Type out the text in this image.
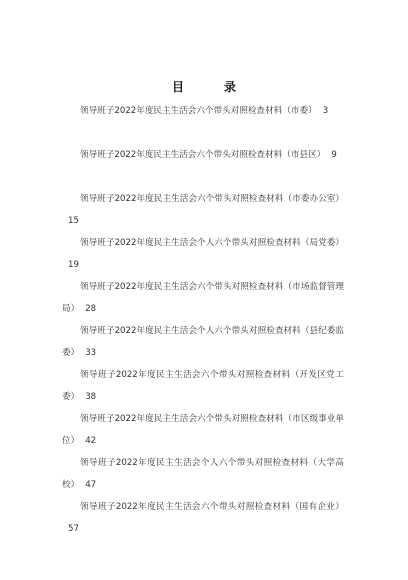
目　录
领导班子2022年度民主生活会六个带头对照检查材料（市委） 3
领导班子2022年度民主生活会六个带头对照检查材料（市县区） 9
领导班子2022年度民主生活会六个带头对照检查材料（市委办公室）15
领导班子2022年度民主生活会个人六个带头对照检查材料（局党委）19
领导班子2022年度民主生活会六个带头对照检查材料（市场监督管理局） 28
领导班子2022年度民主生活会个人六个带头对照检查材料（县纪委监委） 33
领导班子2022年度民主生活会六个带头对照检查材料（开发区党工委） 38
领导班子2022年度民主生活会六个带头对照检查材料（市区级事业单位） 42
领导班子2022年度民主生活会个人六个带头对照检查材料（大学高校） 47
领导班子2022年度民主生活会六个带头对照检查材料（国有企业）57
